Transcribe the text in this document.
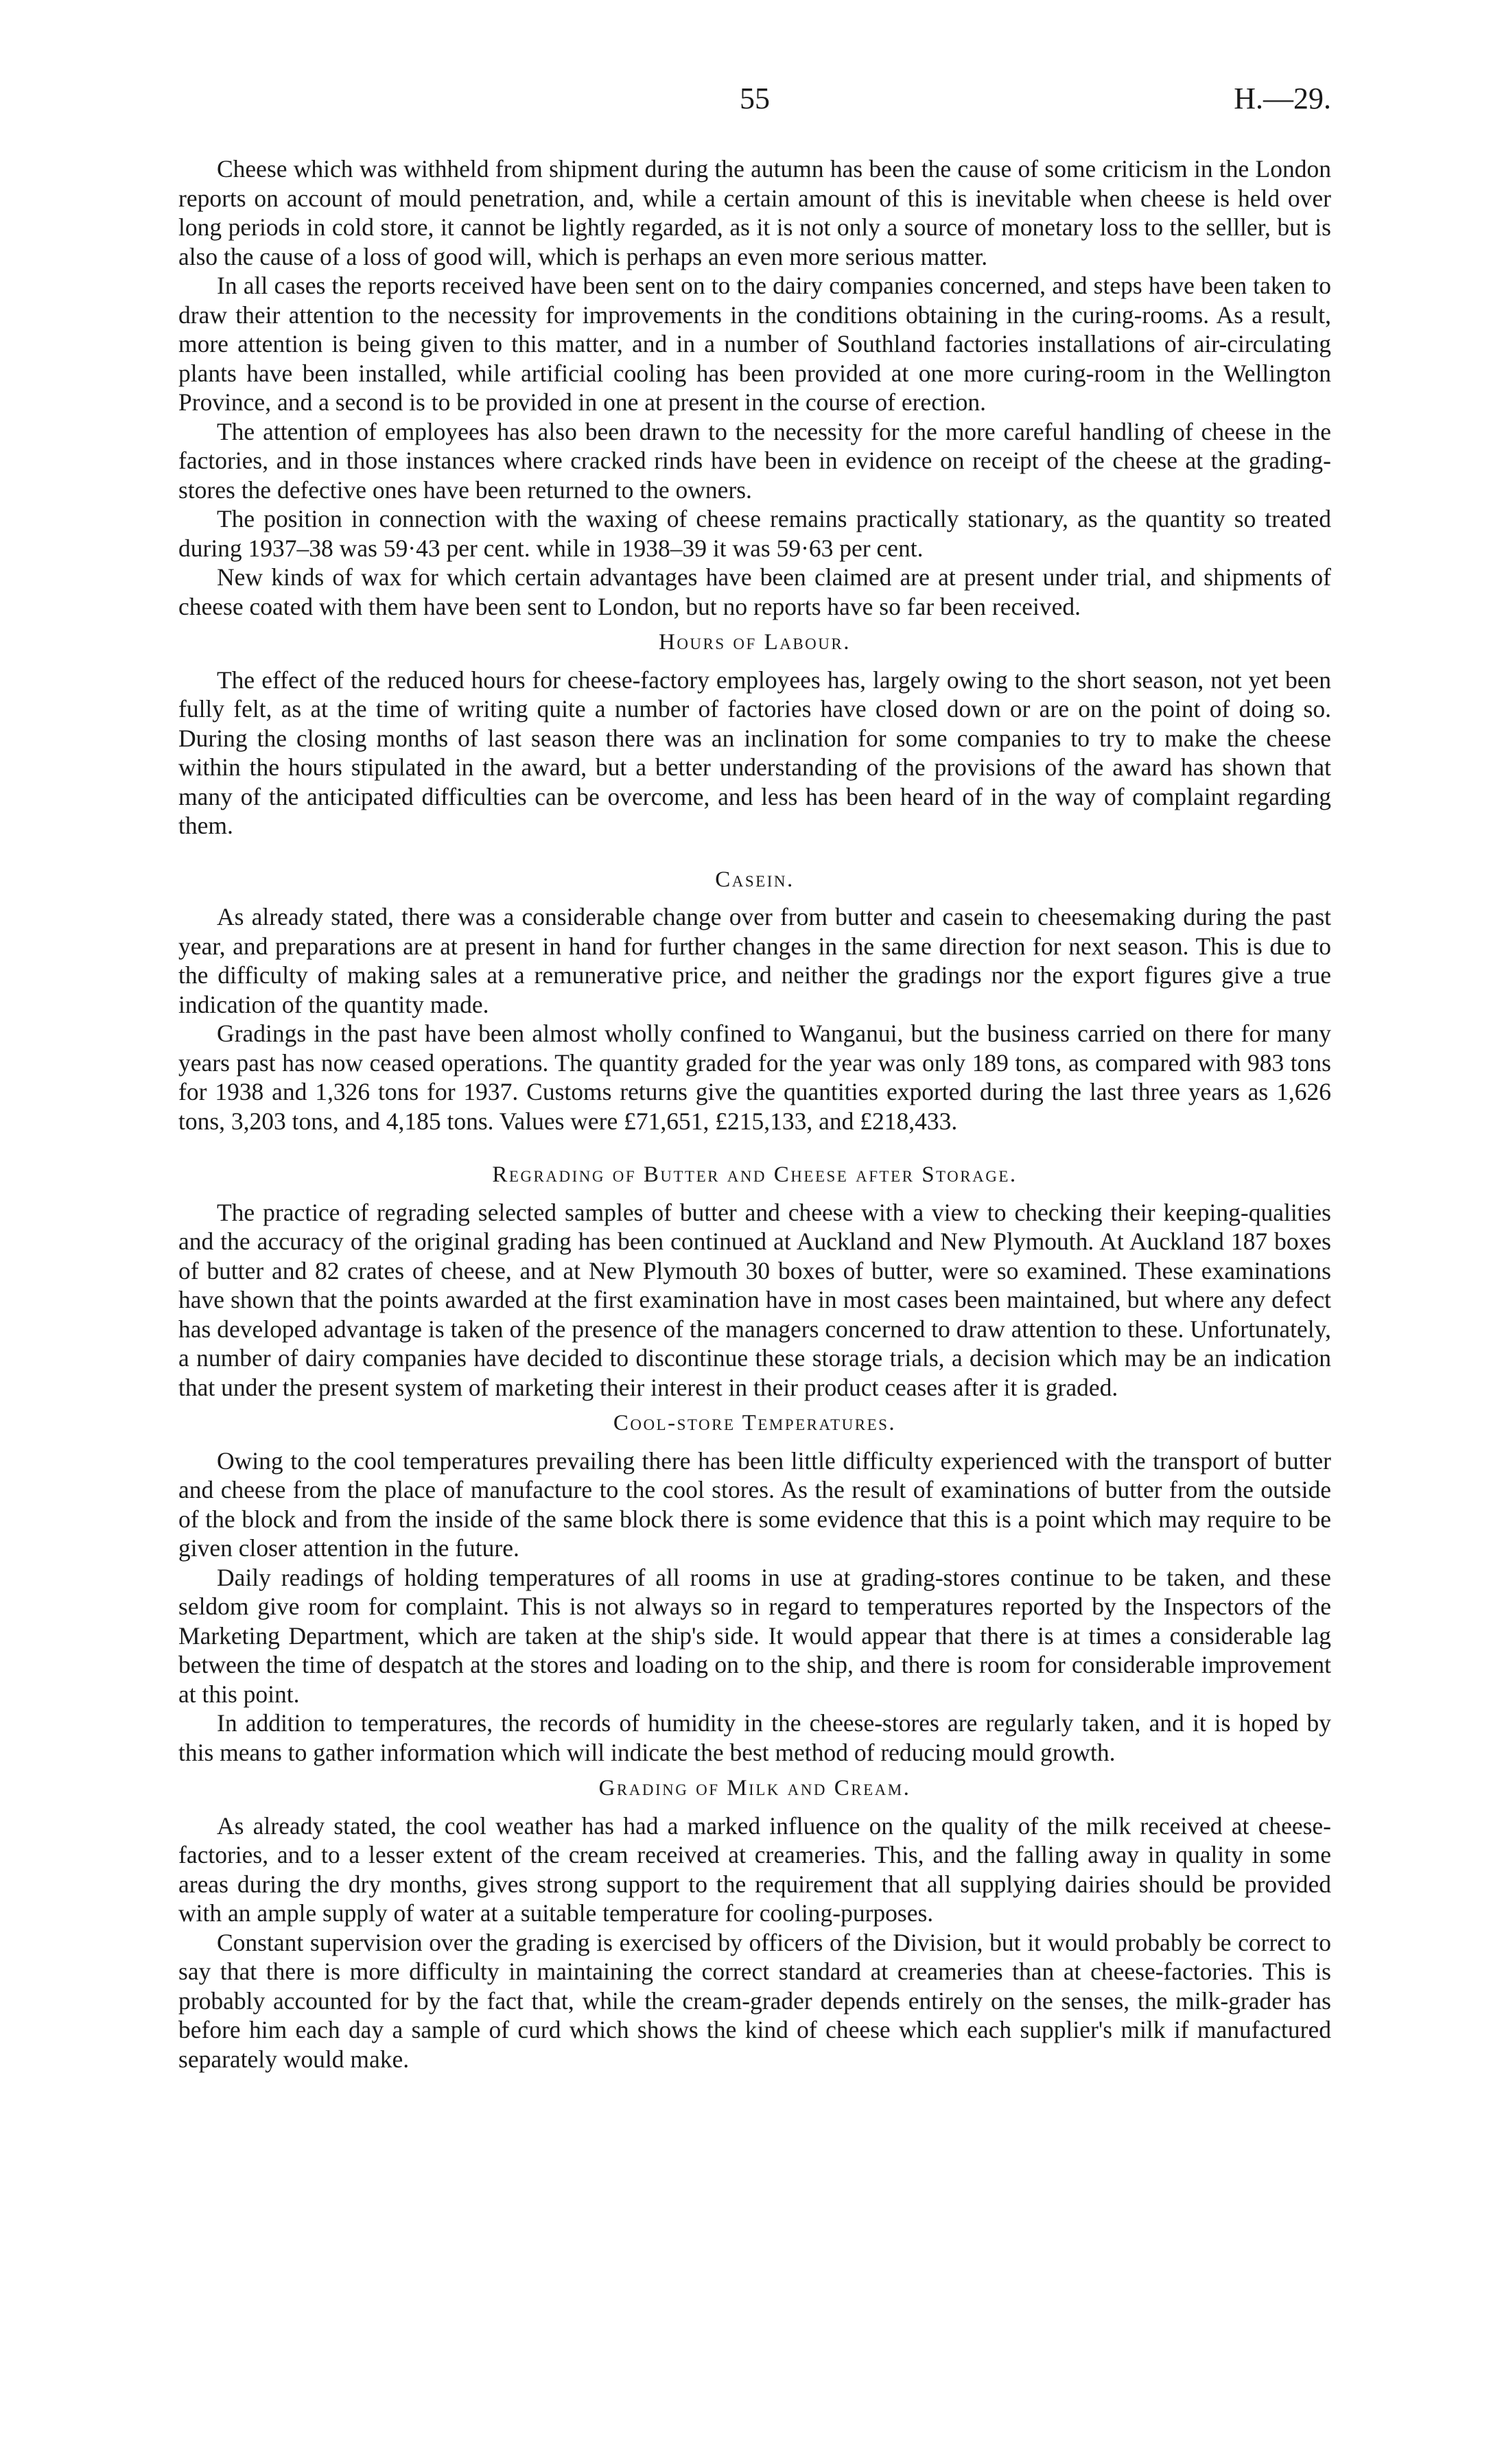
55	H.—29.

Cheese which was withheld from shipment during the autumn has been the cause of some criticism in the London reports on account of mould penetration, and, while a certain amount of this is inevitable when cheese is held over long periods in cold store, it cannot be lightly regarded, as it is not only a source of monetary loss to the selller, but is also the cause of a loss of good will, which is perhaps an even more serious matter.

In all cases the reports received have been sent on to the dairy companies concerned, and steps have been taken to draw their attention to the necessity for improvements in the conditions obtaining in the curing-rooms. As a result, more attention is being given to this matter, and in a number of Southland factories installations of air-circulating plants have been installed, while artificial cooling has been provided at one more curing-room in the Wellington Province, and a second is to be provided in one at present in the course of erection.

The attention of employees has also been drawn to the necessity for the more careful handling of cheese in the factories, and in those instances where cracked rinds have been in evidence on receipt of the cheese at the grading-stores the defective ones have been returned to the owners.

The position in connection with the waxing of cheese remains practically stationary, as the quantity so treated during 1937–38 was 59·43 per cent. while in 1938–39 it was 59·63 per cent.

New kinds of wax for which certain advantages have been claimed are at present under trial, and shipments of cheese coated with them have been sent to London, but no reports have so far been received.

Hours of Labour.

The effect of the reduced hours for cheese-factory employees has, largely owing to the short season, not yet been fully felt, as at the time of writing quite a number of factories have closed down or are on the point of doing so. During the closing months of last season there was an inclination for some companies to try to make the cheese within the hours stipulated in the award, but a better understanding of the provisions of the award has shown that many of the anticipated difficulties can be overcome, and less has been heard of in the way of complaint regarding them.

Casein.

As already stated, there was a considerable change over from butter and casein to cheesemaking during the past year, and preparations are at present in hand for further changes in the same direction for next season. This is due to the difficulty of making sales at a remunerative price, and neither the gradings nor the export figures give a true indication of the quantity made.

Gradings in the past have been almost wholly confined to Wanganui, but the business carried on there for many years past has now ceased operations. The quantity graded for the year was only 189 tons, as compared with 983 tons for 1938 and 1,326 tons for 1937. Customs returns give the quantities exported during the last three years as 1,626 tons, 3,203 tons, and 4,185 tons. Values were £71,651, £215,133, and £218,433.

Regrading of Butter and Cheese after Storage.

The practice of regrading selected samples of butter and cheese with a view to checking their keeping-qualities and the accuracy of the original grading has been continued at Auckland and New Plymouth. At Auckland 187 boxes of butter and 82 crates of cheese, and at New Plymouth 30 boxes of butter, were so examined. These examinations have shown that the points awarded at the first examination have in most cases been maintained, but where any defect has developed advantage is taken of the presence of the managers concerned to draw attention to these. Unfortunately, a number of dairy companies have decided to discontinue these storage trials, a decision which may be an indication that under the present system of marketing their interest in their product ceases after it is graded.

Cool-store Temperatures.

Owing to the cool temperatures prevailing there has been little difficulty experienced with the transport of butter and cheese from the place of manufacture to the cool stores. As the result of examinations of butter from the outside of the block and from the inside of the same block there is some evidence that this is a point which may require to be given closer attention in the future.

Daily readings of holding temperatures of all rooms in use at grading-stores continue to be taken, and these seldom give room for complaint. This is not always so in regard to temperatures reported by the Inspectors of the Marketing Department, which are taken at the ship's side. It would appear that there is at times a considerable lag between the time of despatch at the stores and loading on to the ship, and there is room for considerable improvement at this point.

In addition to temperatures, the records of humidity in the cheese-stores are regularly taken, and it is hoped by this means to gather information which will indicate the best method of reducing mould growth.

Grading of Milk and Cream.

As already stated, the cool weather has had a marked influence on the quality of the milk received at cheese-factories, and to a lesser extent of the cream received at creameries. This, and the falling away in quality in some areas during the dry months, gives strong support to the requirement that all supplying dairies should be provided with an ample supply of water at a suitable temperature for cooling-purposes.

Constant supervision over the grading is exercised by officers of the Division, but it would probably be correct to say that there is more difficulty in maintaining the correct standard at creameries than at cheese-factories. This is probably accounted for by the fact that, while the cream-grader depends entirely on the senses, the milk-grader has before him each day a sample of curd which shows the kind of cheese which each supplier's milk if manufactured separately would make.
